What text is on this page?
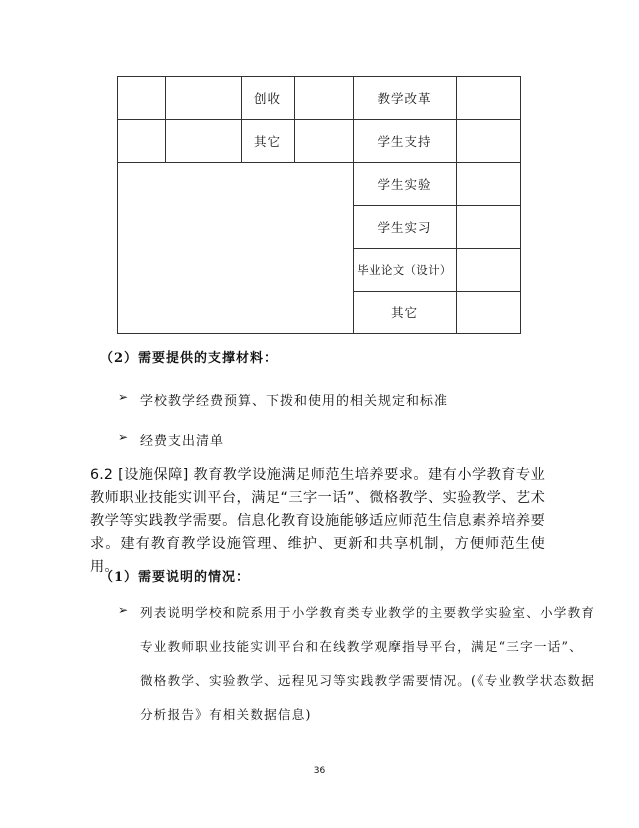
创收	教学改革
其它	学生支持
学生实验
学生实习
毕业论文（设计）
其它
（2）需要提供的支撑材料：
➢ 学校教学经费预算、下拨和使用的相关规定和标准
➢ 经费支出清单
6.2 [设施保障] 教育教学设施满足师范生培养要求。建有小学教育专业教师职业技能实训平台，满足“三字一话”、微格教学、实验教学、艺术教学等实践教学需要。信息化教育设施能够适应师范生信息素养培养要求。建有教育教学设施管理、维护、更新和共享机制，方便师范生使用。
（1）需要说明的情况：
➢ 列表说明学校和院系用于小学教育类专业教学的主要教学实验室、小学教育
专业教师职业技能实训平台和在线教学观摩指导平台，满足“三字一话”、
微格教学、实验教学、远程见习等实践教学需要情况。(《专业教学状态数据
分析报告》有相关数据信息)
36
